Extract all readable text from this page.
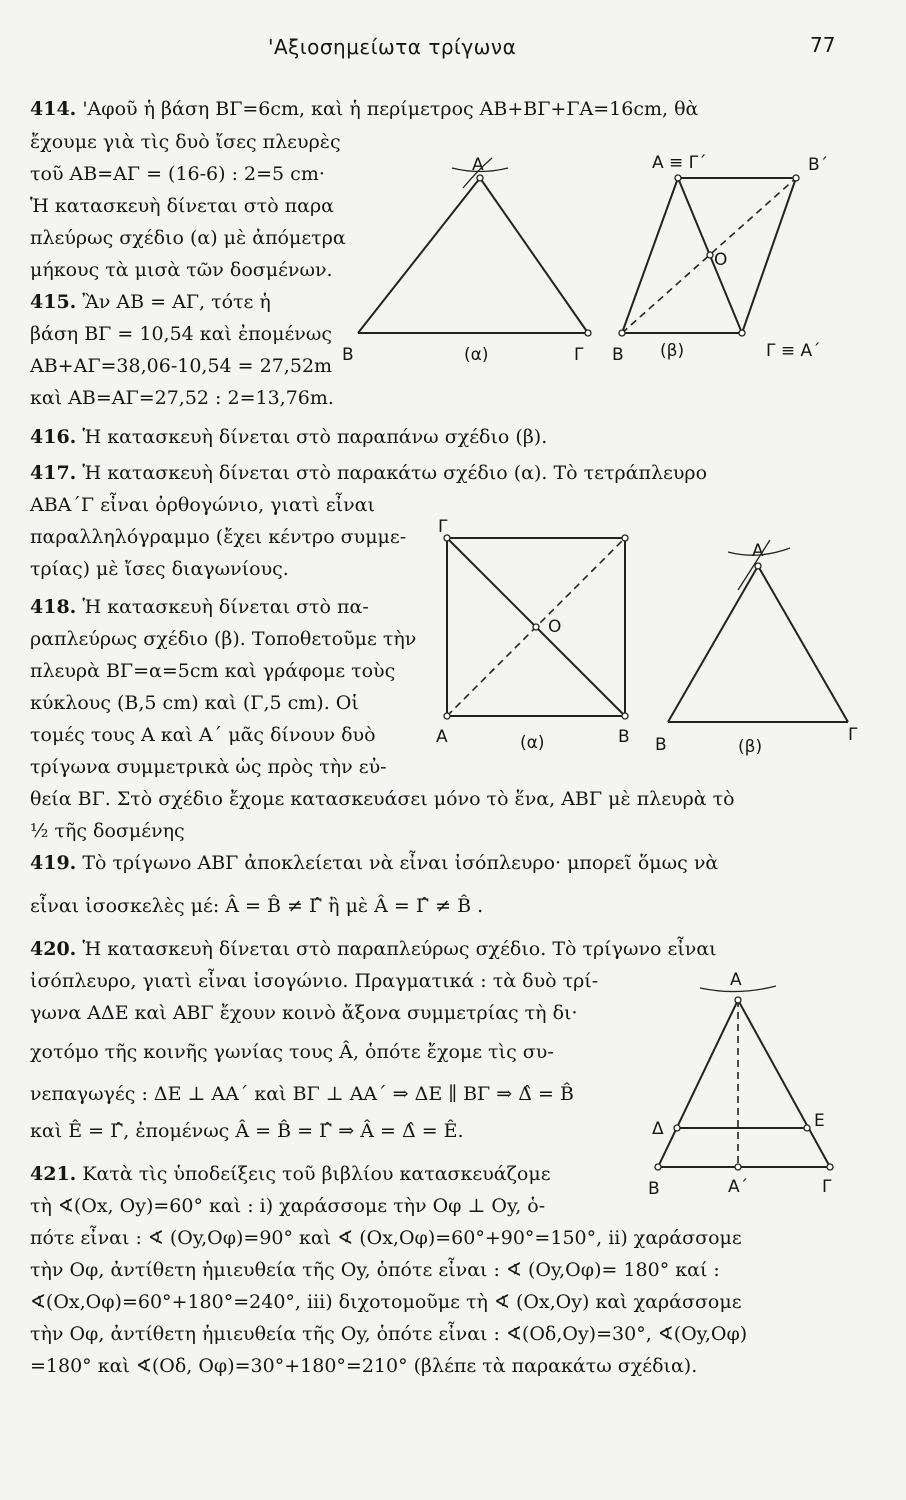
'Αξιοσημείωτα τρίγωνα	77
414. 'Αφοῦ ἡ βάση ΒΓ=6cm, καὶ ἡ περίμετρος ΑΒ+ΒΓ+ΓΑ=16cm, θὰ
ἔχουμε γιὰ τὶς δυὸ ἴσες πλευρὲς
τοῦ ΑΒ=ΑΓ = (16-6) : 2=5 cm·
Ἡ κατασκευὴ δίνεται στὸ παρα
πλεύρως σχέδιο (α) μὲ ἀπόμετρα
μήκους τὰ μισὰ τῶν δοσμένων.
415. Ἂν ΑΒ = ΑΓ, τότε ἡ
βάση ΒΓ = 10,54 καὶ ἐπομένως
ΑΒ+ΑΓ=38,06-10,54 = 27,52m
καὶ ΑΒ=ΑΓ=27,52 : 2=13,76m.
416. Ἡ κατασκευὴ δίνεται στὸ παραπάνω σχέδιο (β).
417. Ἡ κατασκευὴ δίνεται στὸ παρακάτω σχέδιο (α). Τὸ τετράπλευρο
ΑΒΑ΄Γ εἶναι ὀρθογώνιο, γιατὶ εἶναι
παραλληλόγραμμο (ἔχει κέντρο συμμε-
τρίας) μὲ ἴσες διαγωνίους.
418. Ἡ κατασκευὴ δίνεται στὸ πα-
ραπλεύρως σχέδιο (β). Τοποθετοῦμε τὴν
πλευρὰ ΒΓ=α=5cm καὶ γράφομε τοὺς
κύκλους (Β,5 cm) καὶ (Γ,5 cm). Οἱ
τομές τους Α καὶ Α΄ μᾶς δίνουν δυὸ
τρίγωνα συμμετρικὰ ὡς πρὸς τὴν εὐ-
θεία ΒΓ. Στὸ σχέδιο ἔχομε κατασκευάσει μόνο τὸ ἕνα, ΑΒΓ μὲ πλευρὰ τὸ
½ τῆς δοσμένης
419. Τὸ τρίγωνο ΑΒΓ ἀποκλείεται νὰ εἶναι ἰσόπλευρο· μπορεῖ ὅμως νὰ
εἶναι ἰσοσκελὲς μέ: Â = B̂ ≠ Γ̂ ἢ μὲ Â = Γ̂ ≠ B̂ .
420. Ἡ κατασκευὴ δίνεται στὸ παραπλεύρως σχέδιο. Τὸ τρίγωνο εἶναι
ἰσόπλευρο, γιατὶ εἶναι ἰσογώνιο. Πραγματικά : τὰ δυὸ τρί-
γωνα ΑΔΕ καὶ ΑΒΓ ἔχουν κοινὸ ἄξονα συμμετρίας τὴ δι·
χοτόμο τῆς κοινῆς γωνίας τους Â, ὁπότε ἔχομε τὶς συ-
νεπαγωγές : ΔΕ ⊥ ΑΑ΄ καὶ ΒΓ ⊥ ΑΑ΄ ⇒ ΔΕ ∥ ΒΓ ⇒ Δ̂ = B̂
καὶ Ê = Γ̂, ἐπομένως Â = B̂ = Γ̂ ⇒ Â = Δ̂ = Ê.
421. Κατὰ τὶς ὑποδείξεις τοῦ βιβλίου κατασκευάζομε
τὴ ∢(Οx, Oy)=60° καὶ : i) χαράσσομε τὴν Οφ ⊥ Oy, ὁ-
πότε εἶναι : ∢ (Oy,Oφ)=90° καὶ ∢ (Ox,Oφ)=60°+90°=150°, ii) χαράσσομε
τὴν Οφ, ἀντίθετη ἡμιευθεία τῆς Oy, ὁπότε εἶναι : ∢ (Oy,Oφ)= 180° καί :
∢(Ox,Oφ)=60°+180°=240°, iii) διχοτομοῦμε τὴ ∢ (Ox,Oy) καὶ χαράσσομε
τὴν Οφ, ἀντίθετη ἡμιευθεία τῆς Oy, ὁπότε εἶναι : ∢(Οδ,Oy)=30°, ∢(Oy,Oφ)
=180° καὶ ∢(Οδ, Oφ)=30°+180°=210° (βλέπε τὰ παρακάτω σχέδια).
Α
Β	Γ
(α)
Α ≡ Γ΄	Β΄
Ο
Β	Γ ≡ Α΄
(β)
Γ
Ο
Α	Β
(α)
Α
Β	Γ
(β)
Α
Δ	Ε
Β	Α΄	Γ
